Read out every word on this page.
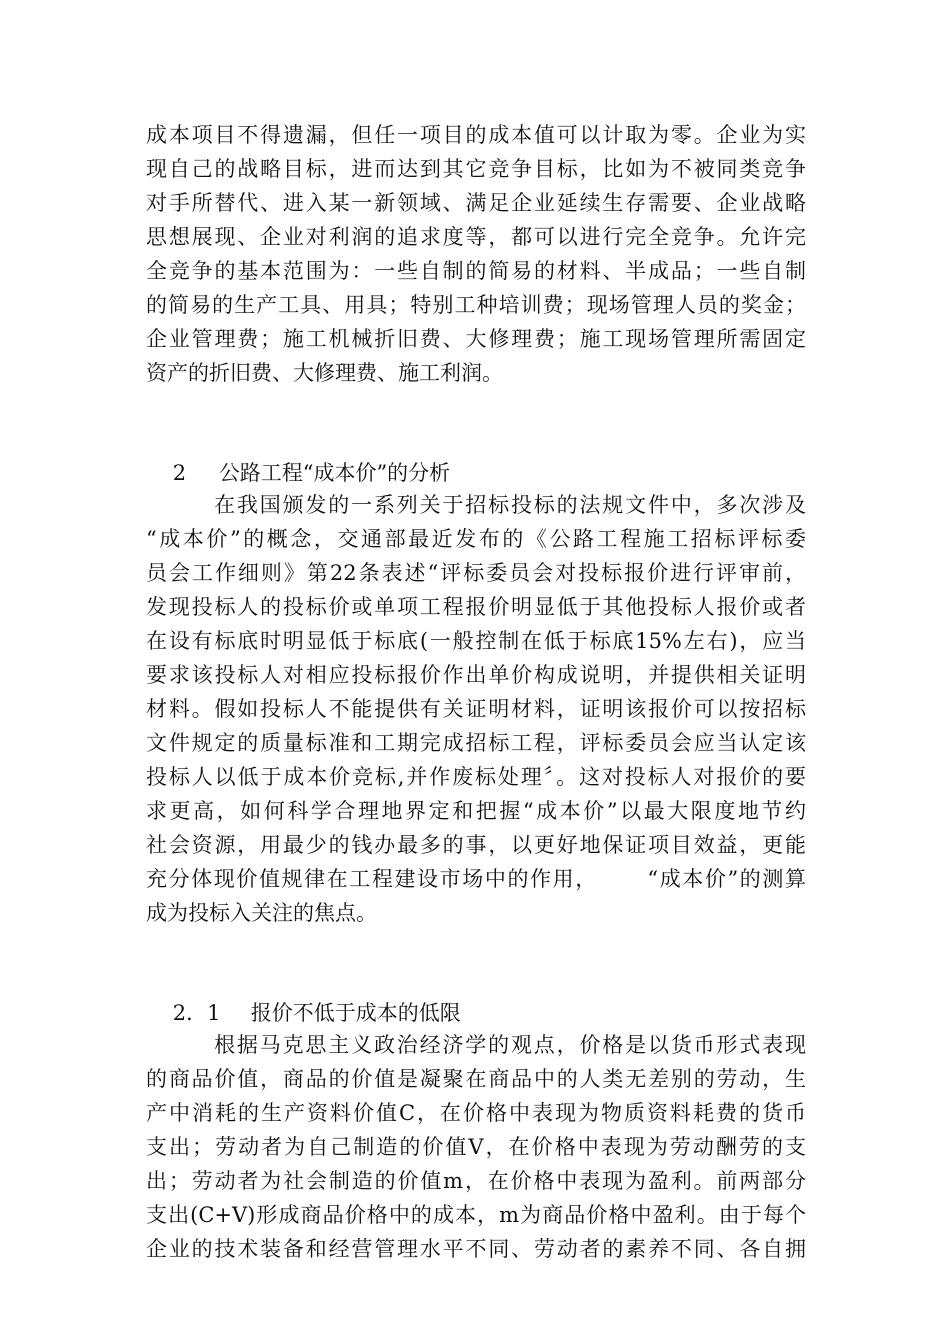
成本项目不得遗漏，但任一项目的成本值可以计取为零。企业为实
现自己的战略目标，进而达到其它竞争目标，比如为不被同类竞争
对手所替代、进入某一新领域、满足企业延续生存需要、企业战略
思想展现、企业对利润的追求度等，都可以进行完全竞争。允许完
全竞争的基本范围为：一些自制的简易的材料、半成品；一些自制
的简易的生产工具、用具；特别工种培训费；现场管理人员的奖金；
企业管理费；施工机械折旧费、大修理费；施工现场管理所需固定
资产的折旧费、大修理费、施工利润。

2 公路工程“成本价”的分析

在我国颁发的一系列关于招标投标的法规文件中，多次涉及
“成本价”的概念，交通部最近发布的《公路工程施工招标评标委
员会工作细则》第22条表述“评标委员会对投标报价进行评审前，
发现投标人的投标价或单项工程报价明显低于其他投标人报价或者
在设有标底时明显低于标底(一般控制在低于标底15%左右)，应当
要求该投标人对相应投标报价作出单价构成说明，并提供相关证明
材料。假如投标人不能提供有关证明材料，证明该报价可以按招标
文件规定的质量标准和工期完成招标工程，评标委员会应当认定该
投标人以低于成本价竞标,并作废标处理〞。这对投标人对报价的要
求更高，如何科学合理地界定和把握“成本价”以最大限度地节约
社会资源，用最少的钱办最多的事，以更好地保证项目效益，更能
充分体现价值规律在工程建设市场中的作用，      “成本价”的测算
成为投标入关注的焦点。

2．1 报价不低于成本的低限

根据马克思主义政治经济学的观点，价格是以货币形式表现
的商品价值，商品的价值是凝聚在商品中的人类无差别的劳动，生
产中消耗的生产资料价值C，在价格中表现为物质资料耗费的货币
支出；劳动者为自己制造的价值V，在价格中表现为劳动酬劳的支
出；劳动者为社会制造的价值m，在价格中表现为盈利。前两部分
支出(C+V)形成商品价格中的成本，m为商品价格中盈利。由于每个
企业的技术装备和经营管理水平不同、劳动者的素养不同、各自拥
